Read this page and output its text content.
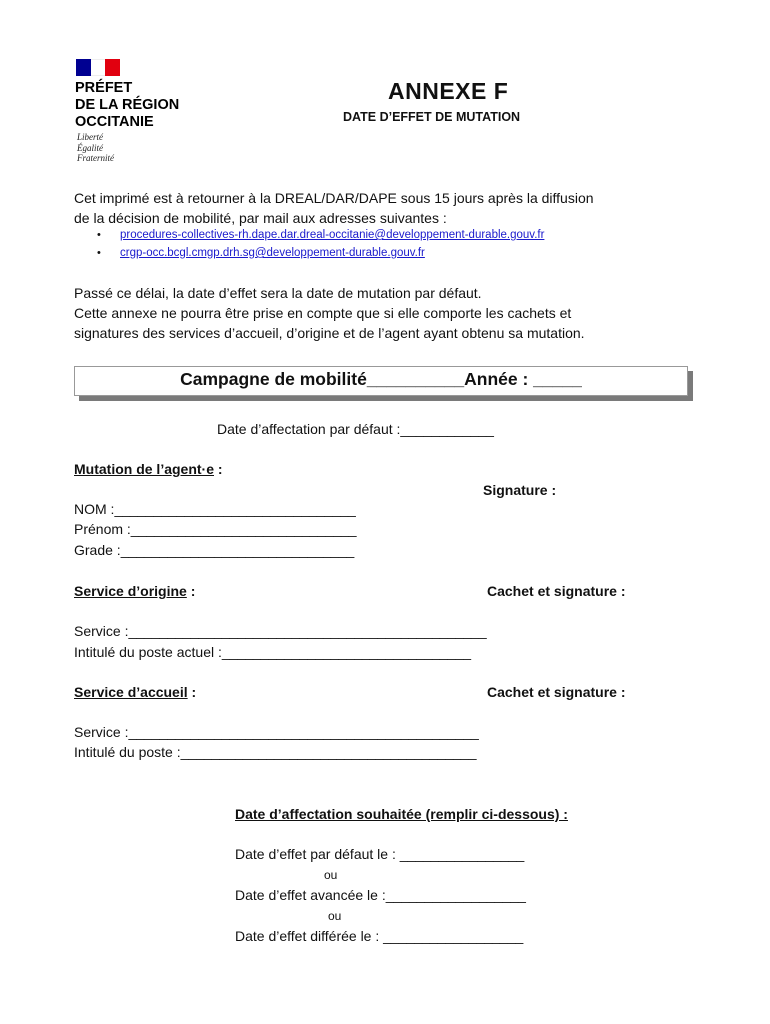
PRÉFET
DE LA RÉGION
OCCITANIE
Liberté
Égalité
Fraternité
ANNEXE F
DATE D’EFFET DE MUTATION
Cet imprimé est à retourner à la DREAL/DAR/DAPE sous 15 jours après la diffusion
de la décision de mobilité, par mail aux adresses suivantes :
• procedures-collectives-rh.dape.dar.dreal-occitanie@developpement-durable.gouv.fr
• crgp-occ.bcgl.cmgp.drh.sg@developpement-durable.gouv.fr
Passé ce délai, la date d’effet sera la date de mutation par défaut.
Cette annexe ne pourra être prise en compte que si elle comporte les cachets et
signatures des services d’accueil, d’origine et de l’agent ayant obtenu sa mutation.
Campagne de mobilité__________Année : _____
Date d’affectation par défaut :____________
Mutation de l’agent·e :
Signature :
NOM :_______________________________
Prénom :_____________________________
Grade :______________________________
Service d’origine :	Cachet et signature :
Service :______________________________________________
Intitulé du poste actuel :________________________________
Service d’accueil :	Cachet et signature :
Service :_____________________________________________
Intitulé du poste :______________________________________
Date d’affectation souhaitée (remplir ci-dessous) :
Date d’effet par défaut le : ________________
ou
Date d’effet avancée le :__________________
ou
Date d’effet différée le : __________________
